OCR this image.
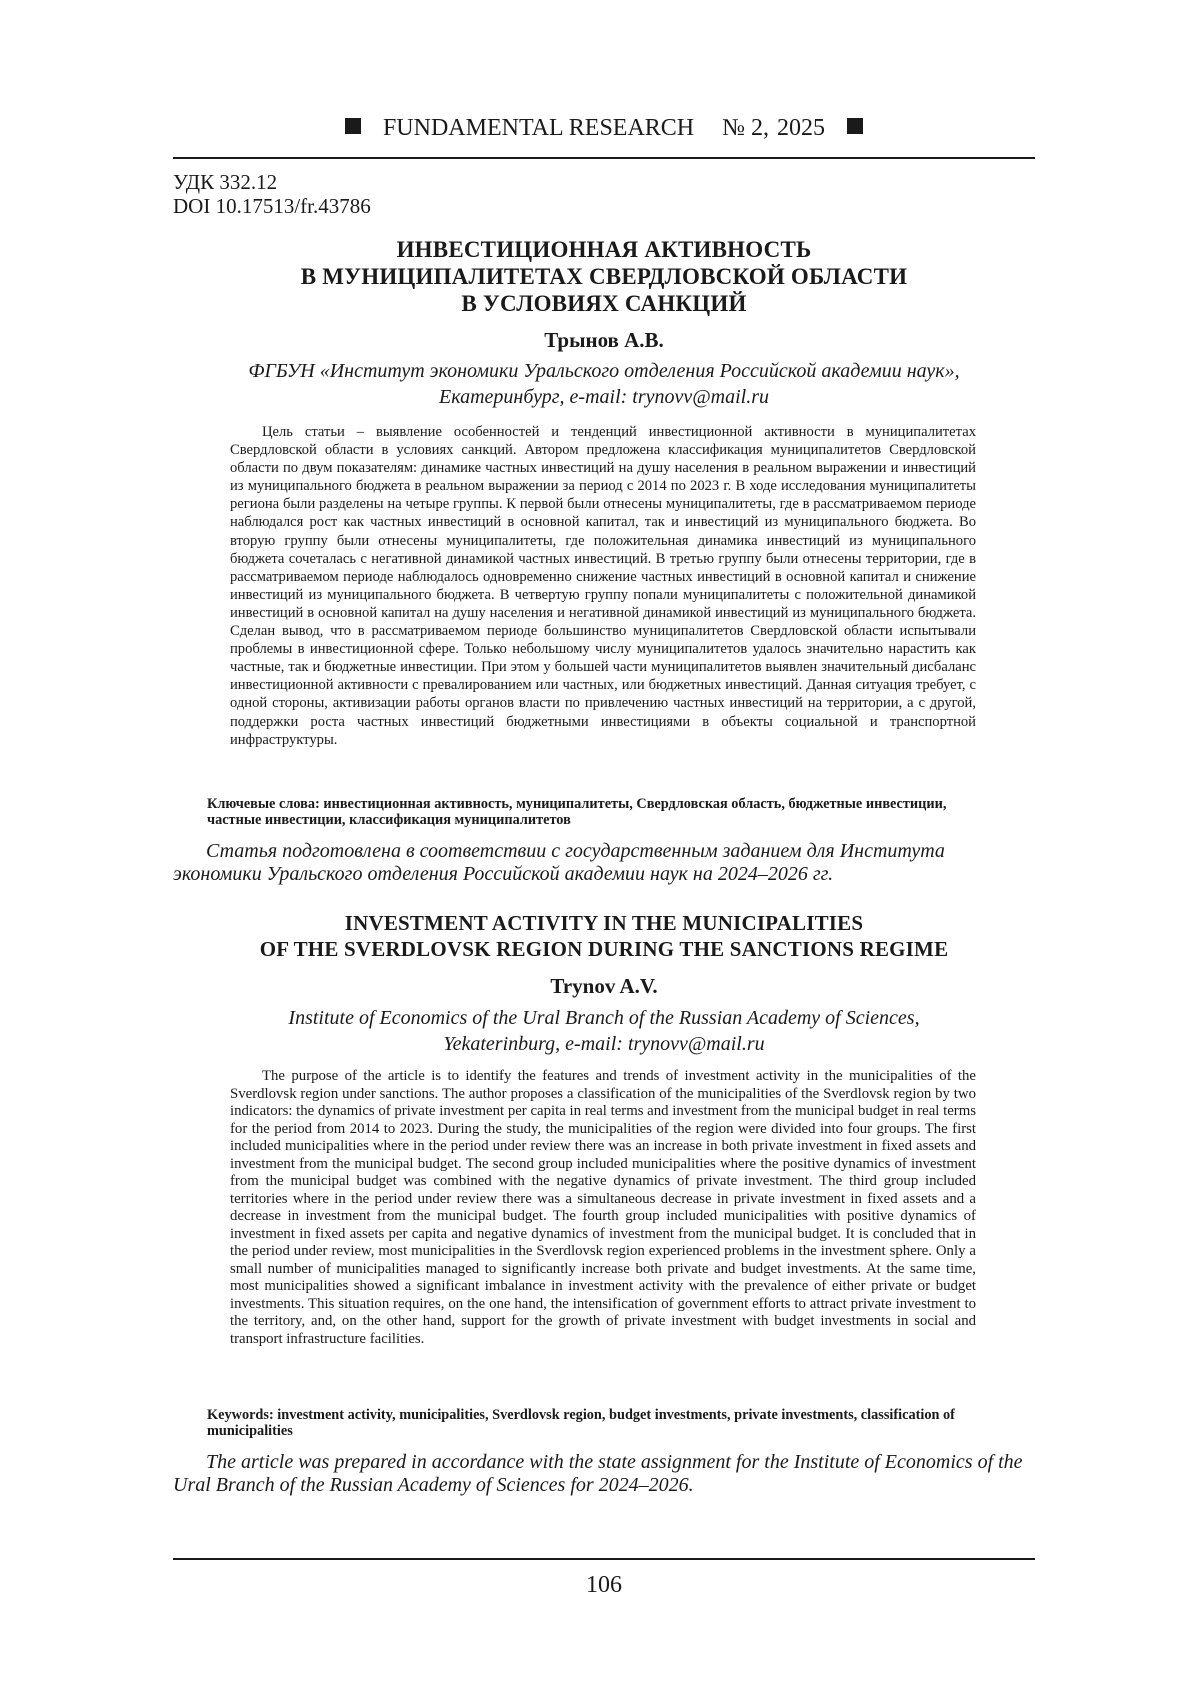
FUNDAMENTAL RESEARCH № 2, 2025
УДК 332.12
DOI 10.17513/fr.43786
ИНВЕСТИЦИОННАЯ АКТИВНОСТЬ
В МУНИЦИПАЛИТЕТАХ СВЕРДЛОВСКОЙ ОБЛАСТИ
В УСЛОВИЯХ САНКЦИЙ
Трынов А.В.
ФГБУН «Институт экономики Уральского отделения Российской академии наук»,
Екатеринбург, e-mail: trynovv@mail.ru

Цель статьи – выявление особенностей и тенденций инвестиционной активности в муниципалитетах Свердловской области в условиях санкций. Автором предложена классификация муниципалитетов Свердловской области по двум показателям: динамике частных инвестиций на душу населения в реальном выражении и инвестиций из муниципального бюджета в реальном выражении за период с 2014 по 2023 г. В ходе исследования муниципалитеты региона были разделены на четыре группы. К первой были отнесены муниципалитеты, где в рассматриваемом периоде наблюдался рост как частных инвестиций в основной капитал, так и инвестиций из муниципального бюджета. Во вторую группу были отнесены муниципалитеты, где положительная динамика инвестиций из муниципального бюджета сочеталась с негативной динамикой частных инвестиций. В третью группу были отнесены территории, где в рассматриваемом периоде наблюдалось одновременно снижение частных инвестиций в основной капитал и снижение инвестиций из муниципального бюджета. В четвертую группу попали муниципалитеты с положительной динамикой инвестиций в основной капитал на душу населения и негативной динамикой инвестиций из муниципального бюджета. Сделан вывод, что в рассматриваемом периоде большинство муниципалитетов Свердловской области испытывали проблемы в инвестиционной сфере. Только небольшому числу муниципалитетов удалось значительно нарастить как частные, так и бюджетные инвестиции. При этом у большей части муниципалитетов выявлен значительный дисбаланс инвестиционной активности с превалированием или частных, или бюджетных инвестиций. Данная ситуация требует, с одной стороны, активизации работы органов власти по привлечению частных инвестиций на территории, а с другой, поддержки роста частных инвестиций бюджетными инвестициями в объекты социальной и транспортной инфраструктуры.

Ключевые слова: инвестиционная активность, муниципалитеты, Свердловская область, бюджетные инвестиции, частные инвестиции, классификация муниципалитетов

Статья подготовлена в соответствии с государственным заданием для Института экономики Уральского отделения Российской академии наук на 2024–2026 гг.

INVESTMENT ACTIVITY IN THE MUNICIPALITIES
OF THE SVERDLOVSK REGION DURING THE SANCTIONS REGIME
Trynov A.V.
Institute of Economics of the Ural Branch of the Russian Academy of Sciences,
Yekaterinburg, e-mail: trynovv@mail.ru

The purpose of the article is to identify the features and trends of investment activity in the municipalities of the Sverdlovsk region under sanctions. The author proposes a classification of the municipalities of the Sverdlovsk region by two indicators: the dynamics of private investment per capita in real terms and investment from the municipal budget in real terms for the period from 2014 to 2023. During the study, the municipalities of the region were divided into four groups. The first included municipalities where in the period under review there was an increase in both private investment in fixed assets and investment from the municipal budget. The second group included municipalities where the positive dynamics of investment from the municipal budget was combined with the negative dynamics of private investment. The third group included territories where in the period under review there was a simultaneous decrease in private investment in fixed assets and a decrease in investment from the municipal budget. The fourth group included municipalities with positive dynamics of investment in fixed assets per capita and negative dynamics of investment from the municipal budget. It is concluded that in the period under review, most municipalities in the Sverdlovsk region experienced problems in the investment sphere. Only a small number of municipalities managed to significantly increase both private and budget investments. At the same time, most municipalities showed a significant imbalance in investment activity with the prevalence of either private or budget investments. This situation requires, on the one hand, the intensification of government efforts to attract private investment to the territory, and, on the other hand, support for the growth of private investment with budget investments in social and transport infrastructure facilities.

Keywords: investment activity, municipalities, Sverdlovsk region, budget investments, private investments, classification of municipalities

The article was prepared in accordance with the state assignment for the Institute of Economics of the Ural Branch of the Russian Academy of Sciences for 2024–2026.

106
